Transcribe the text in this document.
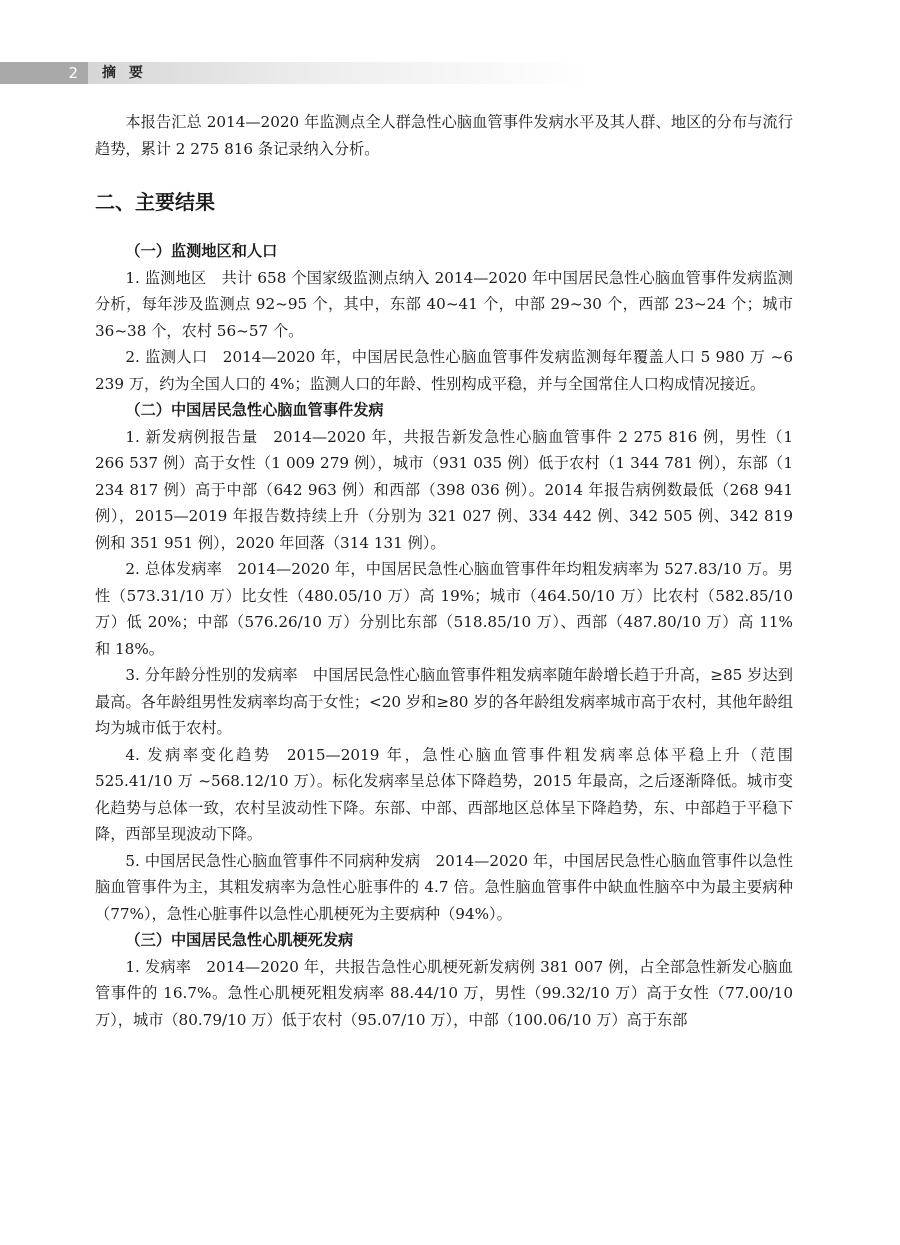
2	摘 要

本报告汇总 2014—2020 年监测点全人群急性心脑血管事件发病水平及其人群、地区的分布与流行趋势，累计 2 275 816 条记录纳入分析。

二、主要结果
（一）监测地区和人口

1. 监测地区  共计 658 个国家级监测点纳入 2014—2020 年中国居民急性心脑血管事件发病监测分析，每年涉及监测点 92~95 个，其中，东部 40~41 个，中部 29~30 个，西部 23~24 个；城市 36~38 个，农村 56~57 个。

2. 监测人口  2014—2020 年，中国居民急性心脑血管事件发病监测每年覆盖人口 5 980 万 ~6 239 万，约为全国人口的 4%；监测人口的年龄、性别构成平稳，并与全国常住人口构成情况接近。

（二）中国居民急性心脑血管事件发病

1. 新发病例报告量  2014—2020 年，共报告新发急性心脑血管事件 2 275 816 例，男性（1 266 537 例）高于女性（1 009 279 例），城市（931 035 例）低于农村（1 344 781 例），东部（1 234 817 例）高于中部（642 963 例）和西部（398 036 例）。2014 年报告病例数最低（268 941 例），2015—2019 年报告数持续上升（分别为 321 027 例、334 442 例、342 505 例、342 819 例和 351 951 例），2020 年回落（314 131 例）。

2. 总体发病率  2014—2020 年，中国居民急性心脑血管事件年均粗发病率为 527.83/10 万。男性（573.31/10 万）比女性（480.05/10 万）高 19%；城市（464.50/10 万）比农村（582.85/10 万）低 20%；中部（576.26/10 万）分别比东部（518.85/10 万）、西部（487.80/10 万）高 11% 和 18%。

3. 分年龄分性别的发病率  中国居民急性心脑血管事件粗发病率随年龄增长趋于升高，≥85 岁达到最高。各年龄组男性发病率均高于女性；<20 岁和≥80 岁的各年龄组发病率城市高于农村，其他年龄组均为城市低于农村。

4. 发病率变化趋势  2015—2019 年，急性心脑血管事件粗发病率总体平稳上升（范围 525.41/10 万 ~568.12/10 万）。标化发病率呈总体下降趋势，2015 年最高，之后逐渐降低。城市变化趋势与总体一致，农村呈波动性下降。东部、中部、西部地区总体呈下降趋势，东、中部趋于平稳下降，西部呈现波动下降。

5. 中国居民急性心脑血管事件不同病种发病  2014—2020 年，中国居民急性心脑血管事件以急性脑血管事件为主，其粗发病率为急性心脏事件的 4.7 倍。急性脑血管事件中缺血性脑卒中为最主要病种（77%），急性心脏事件以急性心肌梗死为主要病种（94%）。

（三）中国居民急性心肌梗死发病

1. 发病率  2014—2020 年，共报告急性心肌梗死新发病例 381 007 例，占全部急性新发心脑血管事件的 16.7%。急性心肌梗死粗发病率 88.44/10 万，男性（99.32/10 万）高于女性（77.00/10 万），城市（80.79/10 万）低于农村（95.07/10 万），中部（100.06/10 万）高于东部
